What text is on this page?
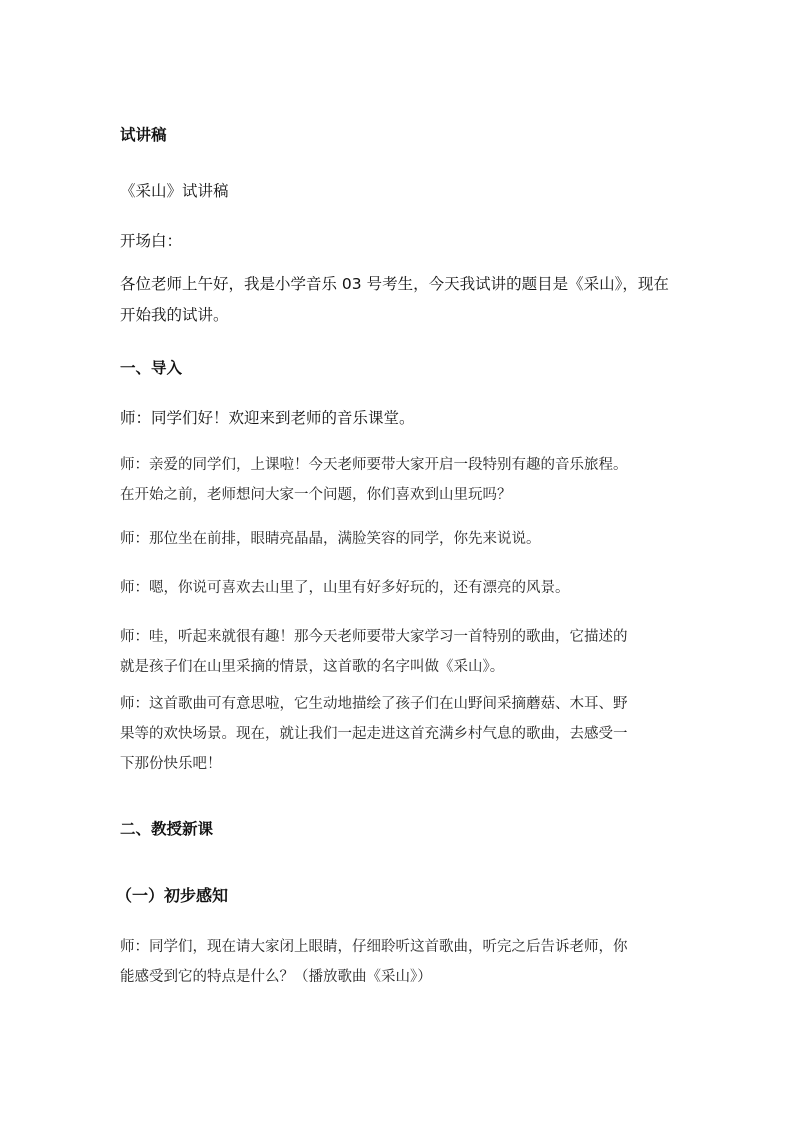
试讲稿
《采山》试讲稿
开场白：
各位老师上午好，我是小学音乐 03 号考生，今天我试讲的题目是《采山》，现在
开始我的试讲。
一、导入
师：同学们好！欢迎来到老师的音乐课堂。
师：亲爱的同学们，上课啦！今天老师要带大家开启一段特别有趣的音乐旅程。
在开始之前，老师想问大家一个问题，你们喜欢到山里玩吗？
师：那位坐在前排，眼睛亮晶晶，满脸笑容的同学，你先来说说。
师：嗯，你说可喜欢去山里了，山里有好多好玩的，还有漂亮的风景。
师：哇，听起来就很有趣！那今天老师要带大家学习一首特别的歌曲，它描述的
就是孩子们在山里采摘的情景，这首歌的名字叫做《采山》。
师：这首歌曲可有意思啦，它生动地描绘了孩子们在山野间采摘蘑菇、木耳、野
果等的欢快场景。现在，就让我们一起走进这首充满乡村气息的歌曲，去感受一
下那份快乐吧！
二、教授新课
（一）初步感知
师：同学们，现在请大家闭上眼睛，仔细聆听这首歌曲，听完之后告诉老师，你
能感受到它的特点是什么？（播放歌曲《采山》）
